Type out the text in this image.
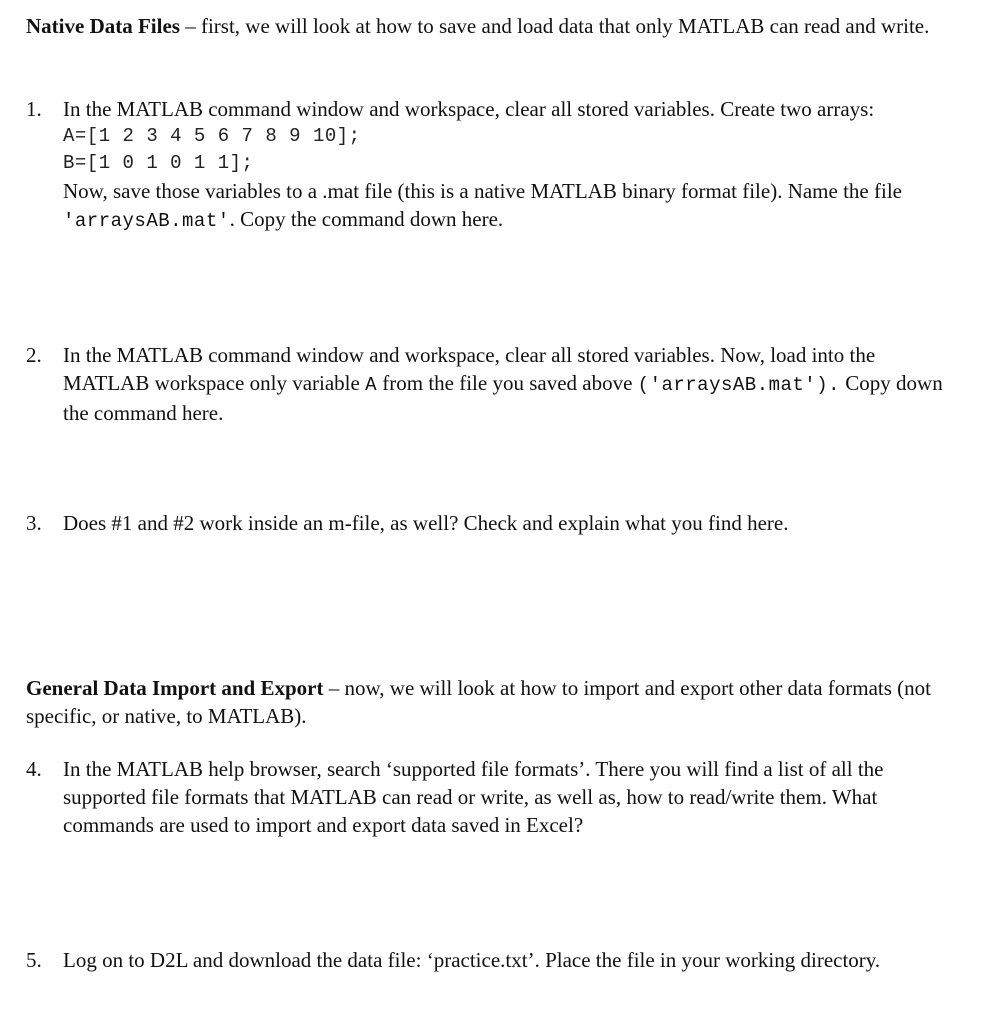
Native Data Files – first, we will look at how to save and load data that only MATLAB can read and write.

1. In the MATLAB command window and workspace, clear all stored variables. Create two arrays:
A=[1 2 3 4 5 6 7 8 9 10];
B=[1 0 1 0 1 1];
Now, save those variables to a .mat file (this is a native MATLAB binary format file). Name the file 'arraysAB.mat'. Copy the command down here.
2. In the MATLAB command window and workspace, clear all stored variables. Now, load into the MATLAB workspace only variable A from the file you saved above ('arraysAB.mat'). Copy down the command here.
3. Does #1 and #2 work inside an m-file, as well? Check and explain what you find here.

General Data Import and Export – now, we will look at how to import and export other data formats (not specific, or native, to MATLAB).

4. In the MATLAB help browser, search ‘supported file formats’. There you will find a list of all the supported file formats that MATLAB can read or write, as well as, how to read/write them. What commands are used to import and export data saved in Excel?
5. Log on to D2L and download the data file: ‘practice.txt’. Place the file in your working directory.
